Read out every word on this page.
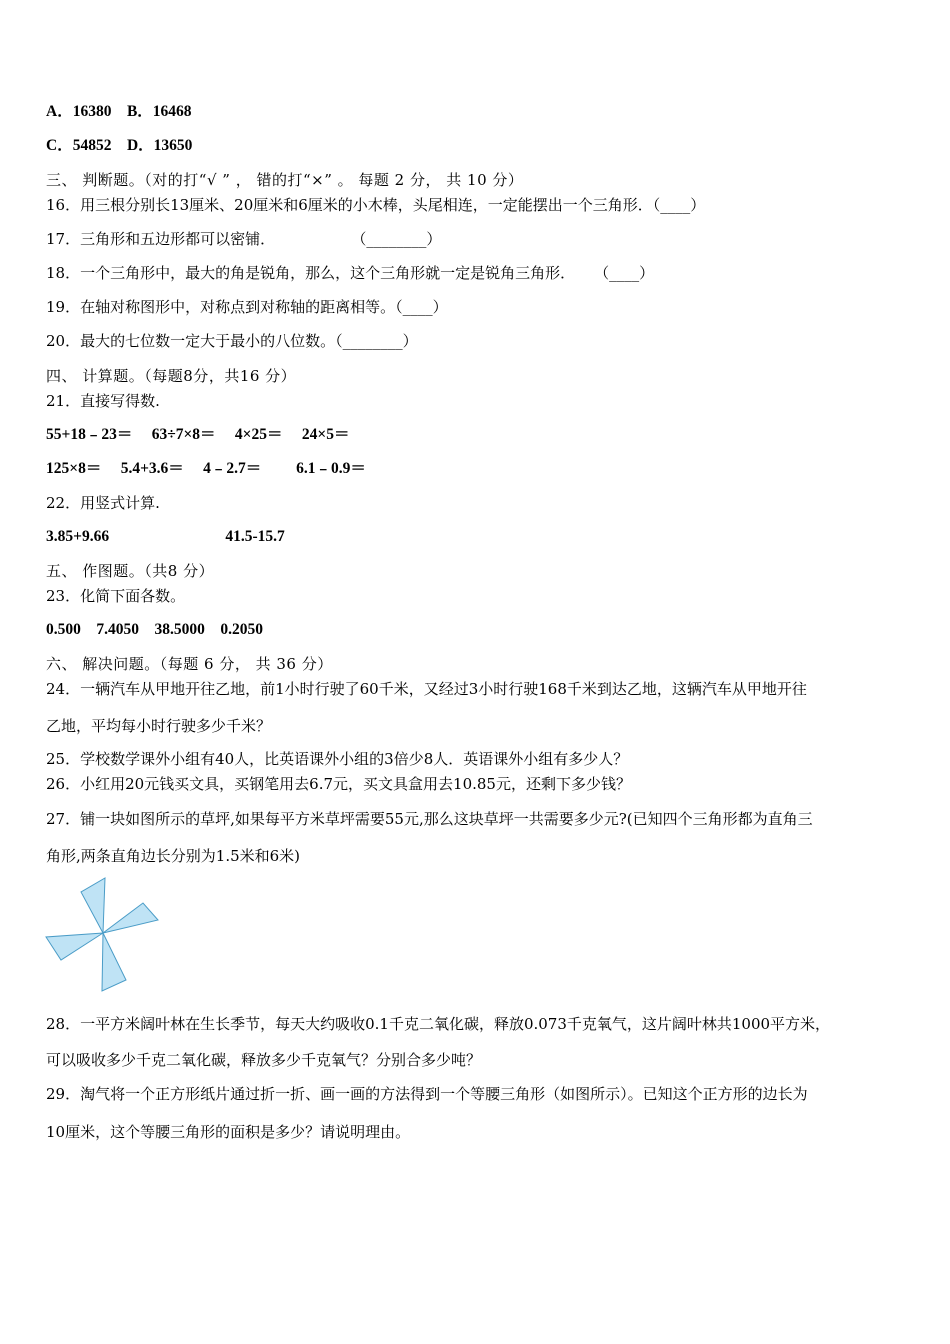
A．16380    B．16468
C．54852    D．13650
三、 判断题。（对的打“√ ” ， 错的打“×” 。 每题 2 分， 共 10 分）
16．用三根分别长13厘米、20厘米和6厘米的小木棒，头尾相连，一定能摆出一个三角形．（____）
17．三角形和五边形都可以密铺．                （________）
18．一个三角形中，最大的角是锐角，那么，这个三角形就一定是锐角三角形．    （____）
19．在轴对称图形中，对称点到对称轴的距离相等。（____）
20．最大的七位数一定大于最小的八位数。（________）
四、 计算题。（每题8分，共16 分）
21．直接写得数.
55+18﹣23＝     63÷7×8＝     4×25＝     24×5＝
125×8＝     5.4+3.6＝     4﹣2.7＝         6.1﹣0.9＝
22．用竖式计算.
3.85+9.66                              41.5-15.7
五、 作图题。（共8 分）
23．化简下面各数。
0.500    7.4050    38.5000    0.2050
六、 解决问题。（每题 6 分， 共 36 分）
24．一辆汽车从甲地开往乙地，前1小时行驶了60千米，又经过3小时行驶168千米到达乙地，这辆汽车从甲地开往
乙地，平均每小时行驶多少千米？
25．学校数学课外小组有40人，比英语课外小组的3倍少8人．英语课外小组有多少人？
26．小红用20元钱买文具，买钢笔用去6.7元，买文具盒用去10.85元，还剩下多少钱？
27．铺一块如图所示的草坪,如果每平方米草坪需要55元,那么这块草坪一共需要多少元?(已知四个三角形都为直角三
角形,两条直角边长分别为1.5米和6米)
28．一平方米阔叶林在生长季节，每天大约吸收0.1千克二氧化碳，释放0.073千克氧气，这片阔叶林共1000平方米，
可以吸收多少千克二氧化碳，释放多少千克氧气？分别合多少吨？
29．淘气将一个正方形纸片通过折一折、画一画的方法得到一个等腰三角形（如图所示）。已知这个正方形的边长为
10厘米，这个等腰三角形的面积是多少？请说明理由。
